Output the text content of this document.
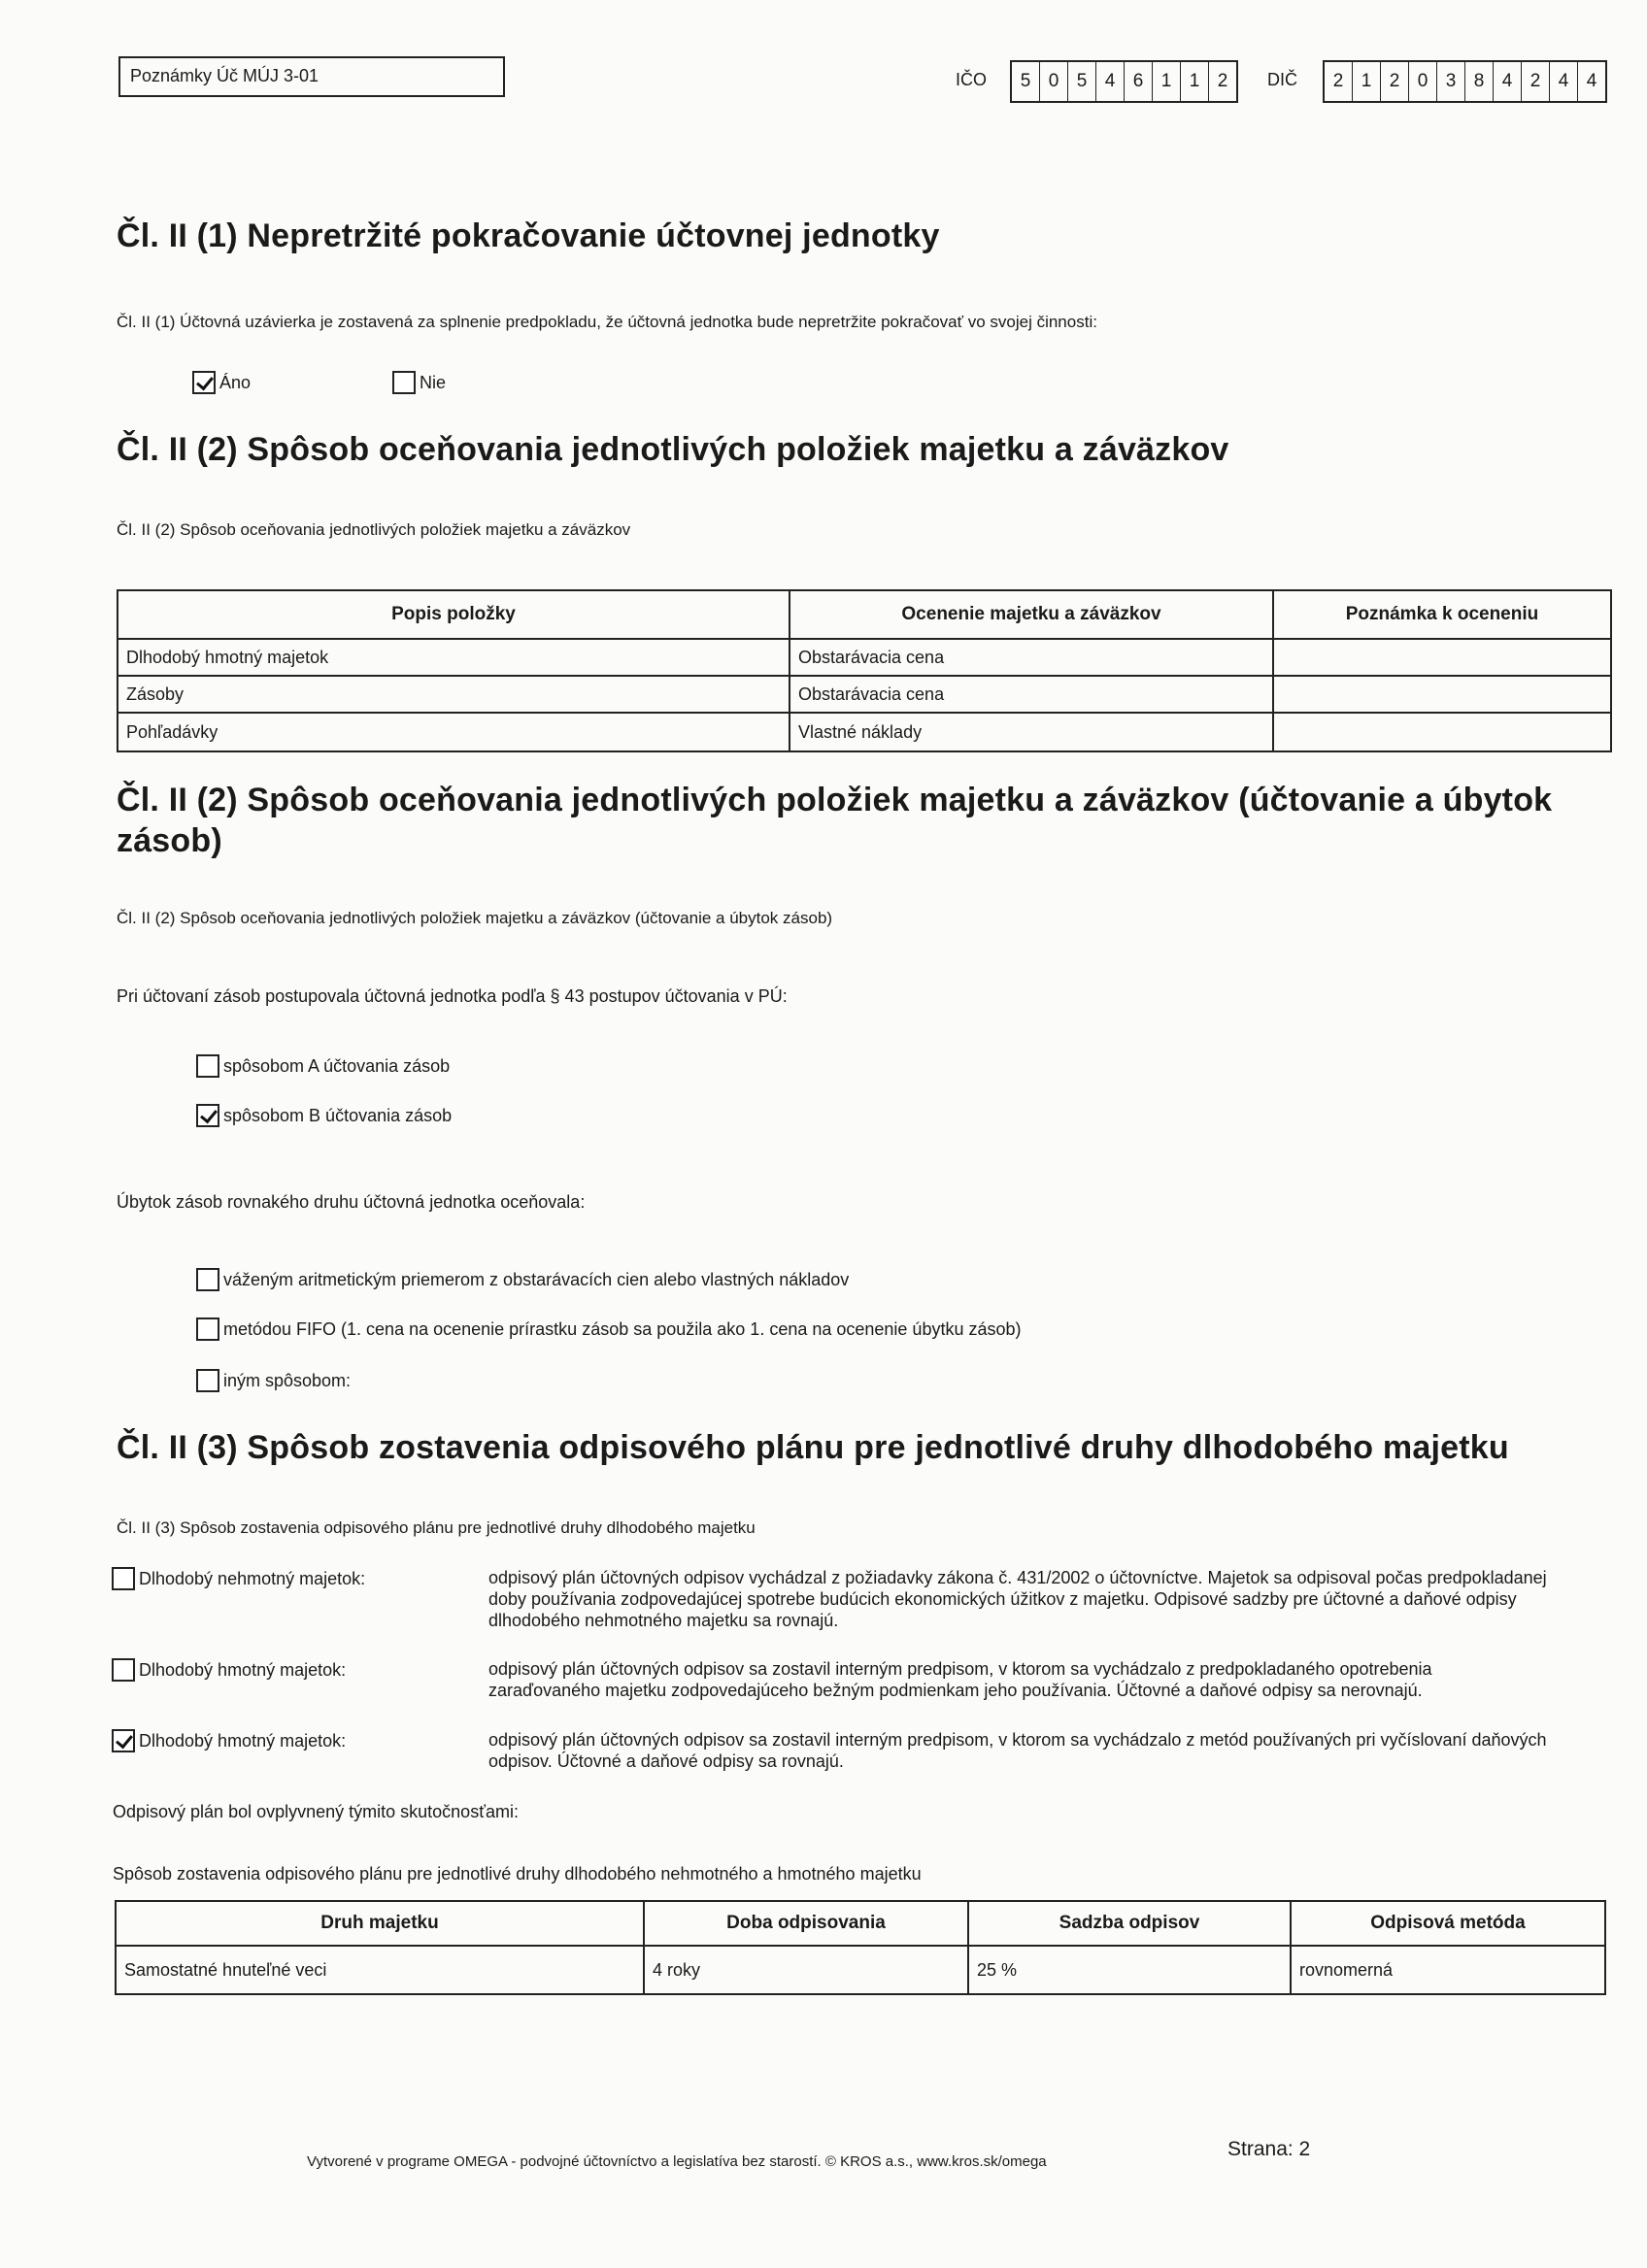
Poznámky Úč MÚJ 3-01	IČO	5 0 5 4 6 1 1 2	DIČ	2 1 2 0 3 8 4 2 4 4
Čl. II (1) Nepretržité pokračovanie účtovnej jednotky
Čl. II (1) Účtovná uzávierka je zostavená za splnenie predpokladu, že účtovná jednotka bude nepretržite pokračovať vo svojej činnosti:
Áno	Nie
Čl. II (2) Spôsob oceňovania jednotlivých položiek majetku a záväzkov
Čl. II (2) Spôsob oceňovania jednotlivých položiek majetku a záväzkov
Popis položky	Ocenenie majetku a záväzkov	Poznámka k oceneniu
Dlhodobý hmotný majetok	Obstarávacia cena	
Zásoby	Obstarávacia cena	
Pohľadávky	Vlastné náklady	
Čl. II (2) Spôsob oceňovania jednotlivých položiek majetku a záväzkov (účtovanie a úbytok
zásob)
Čl. II (2) Spôsob oceňovania jednotlivých položiek majetku a záväzkov (účtovanie a úbytok zásob)
Pri účtovaní zásob postupovala účtovná jednotka podľa § 43 postupov účtovania v PÚ:
spôsobom A účtovania zásob
spôsobom B účtovania zásob
Úbytok zásob rovnakého druhu účtovná jednotka oceňovala:
váženým aritmetickým priemerom z obstarávacích cien alebo vlastných nákladov
metódou FIFO (1. cena na ocenenie prírastku zásob sa použila ako 1. cena na ocenenie úbytku zásob)
iným spôsobom:
Čl. II (3) Spôsob zostavenia odpisového plánu pre jednotlivé druhy dlhodobého majetku
Čl. II (3) Spôsob zostavenia odpisového plánu pre jednotlivé druhy dlhodobého majetku
Dlhodobý nehmotný majetok:	odpisový plán účtovných odpisov vychádzal z požiadavky zákona č. 431/2002 o účtovníctve. Majetok sa odpisoval počas predpokladanej doby používania zodpovedajúcej spotrebe budúcich ekonomických úžitkov z majetku. Odpisové sadzby pre účtovné a daňové odpisy dlhodobého nehmotného majetku sa rovnajú.
Dlhodobý hmotný majetok:	odpisový plán účtovných odpisov sa zostavil interným predpisom, v ktorom sa vychádzalo z predpokladaného opotrebenia zaraďovaného majetku zodpovedajúceho bežným podmienkam jeho používania. Účtovné a daňové odpisy sa nerovnajú.
Dlhodobý hmotný majetok:	odpisový plán účtovných odpisov sa zostavil interným predpisom, v ktorom sa vychádzalo z metód používaných pri vyčíslovaní daňových odpisov. Účtovné a daňové odpisy sa rovnajú.
Odpisový plán bol ovplyvnený týmito skutočnosťami:
Spôsob zostavenia odpisového plánu pre jednotlivé druhy dlhodobého nehmotného a hmotného majetku
Druh majetku	Doba odpisovania	Sadzba odpisov	Odpisová metóda
Samostatné hnuteľné veci	4 roky	25 %	rovnomerná
Vytvorené v programe OMEGA - podvojné účtovníctvo a legislatíva bez starostí. © KROS a.s., www.kros.sk/omega
Strana: 2
